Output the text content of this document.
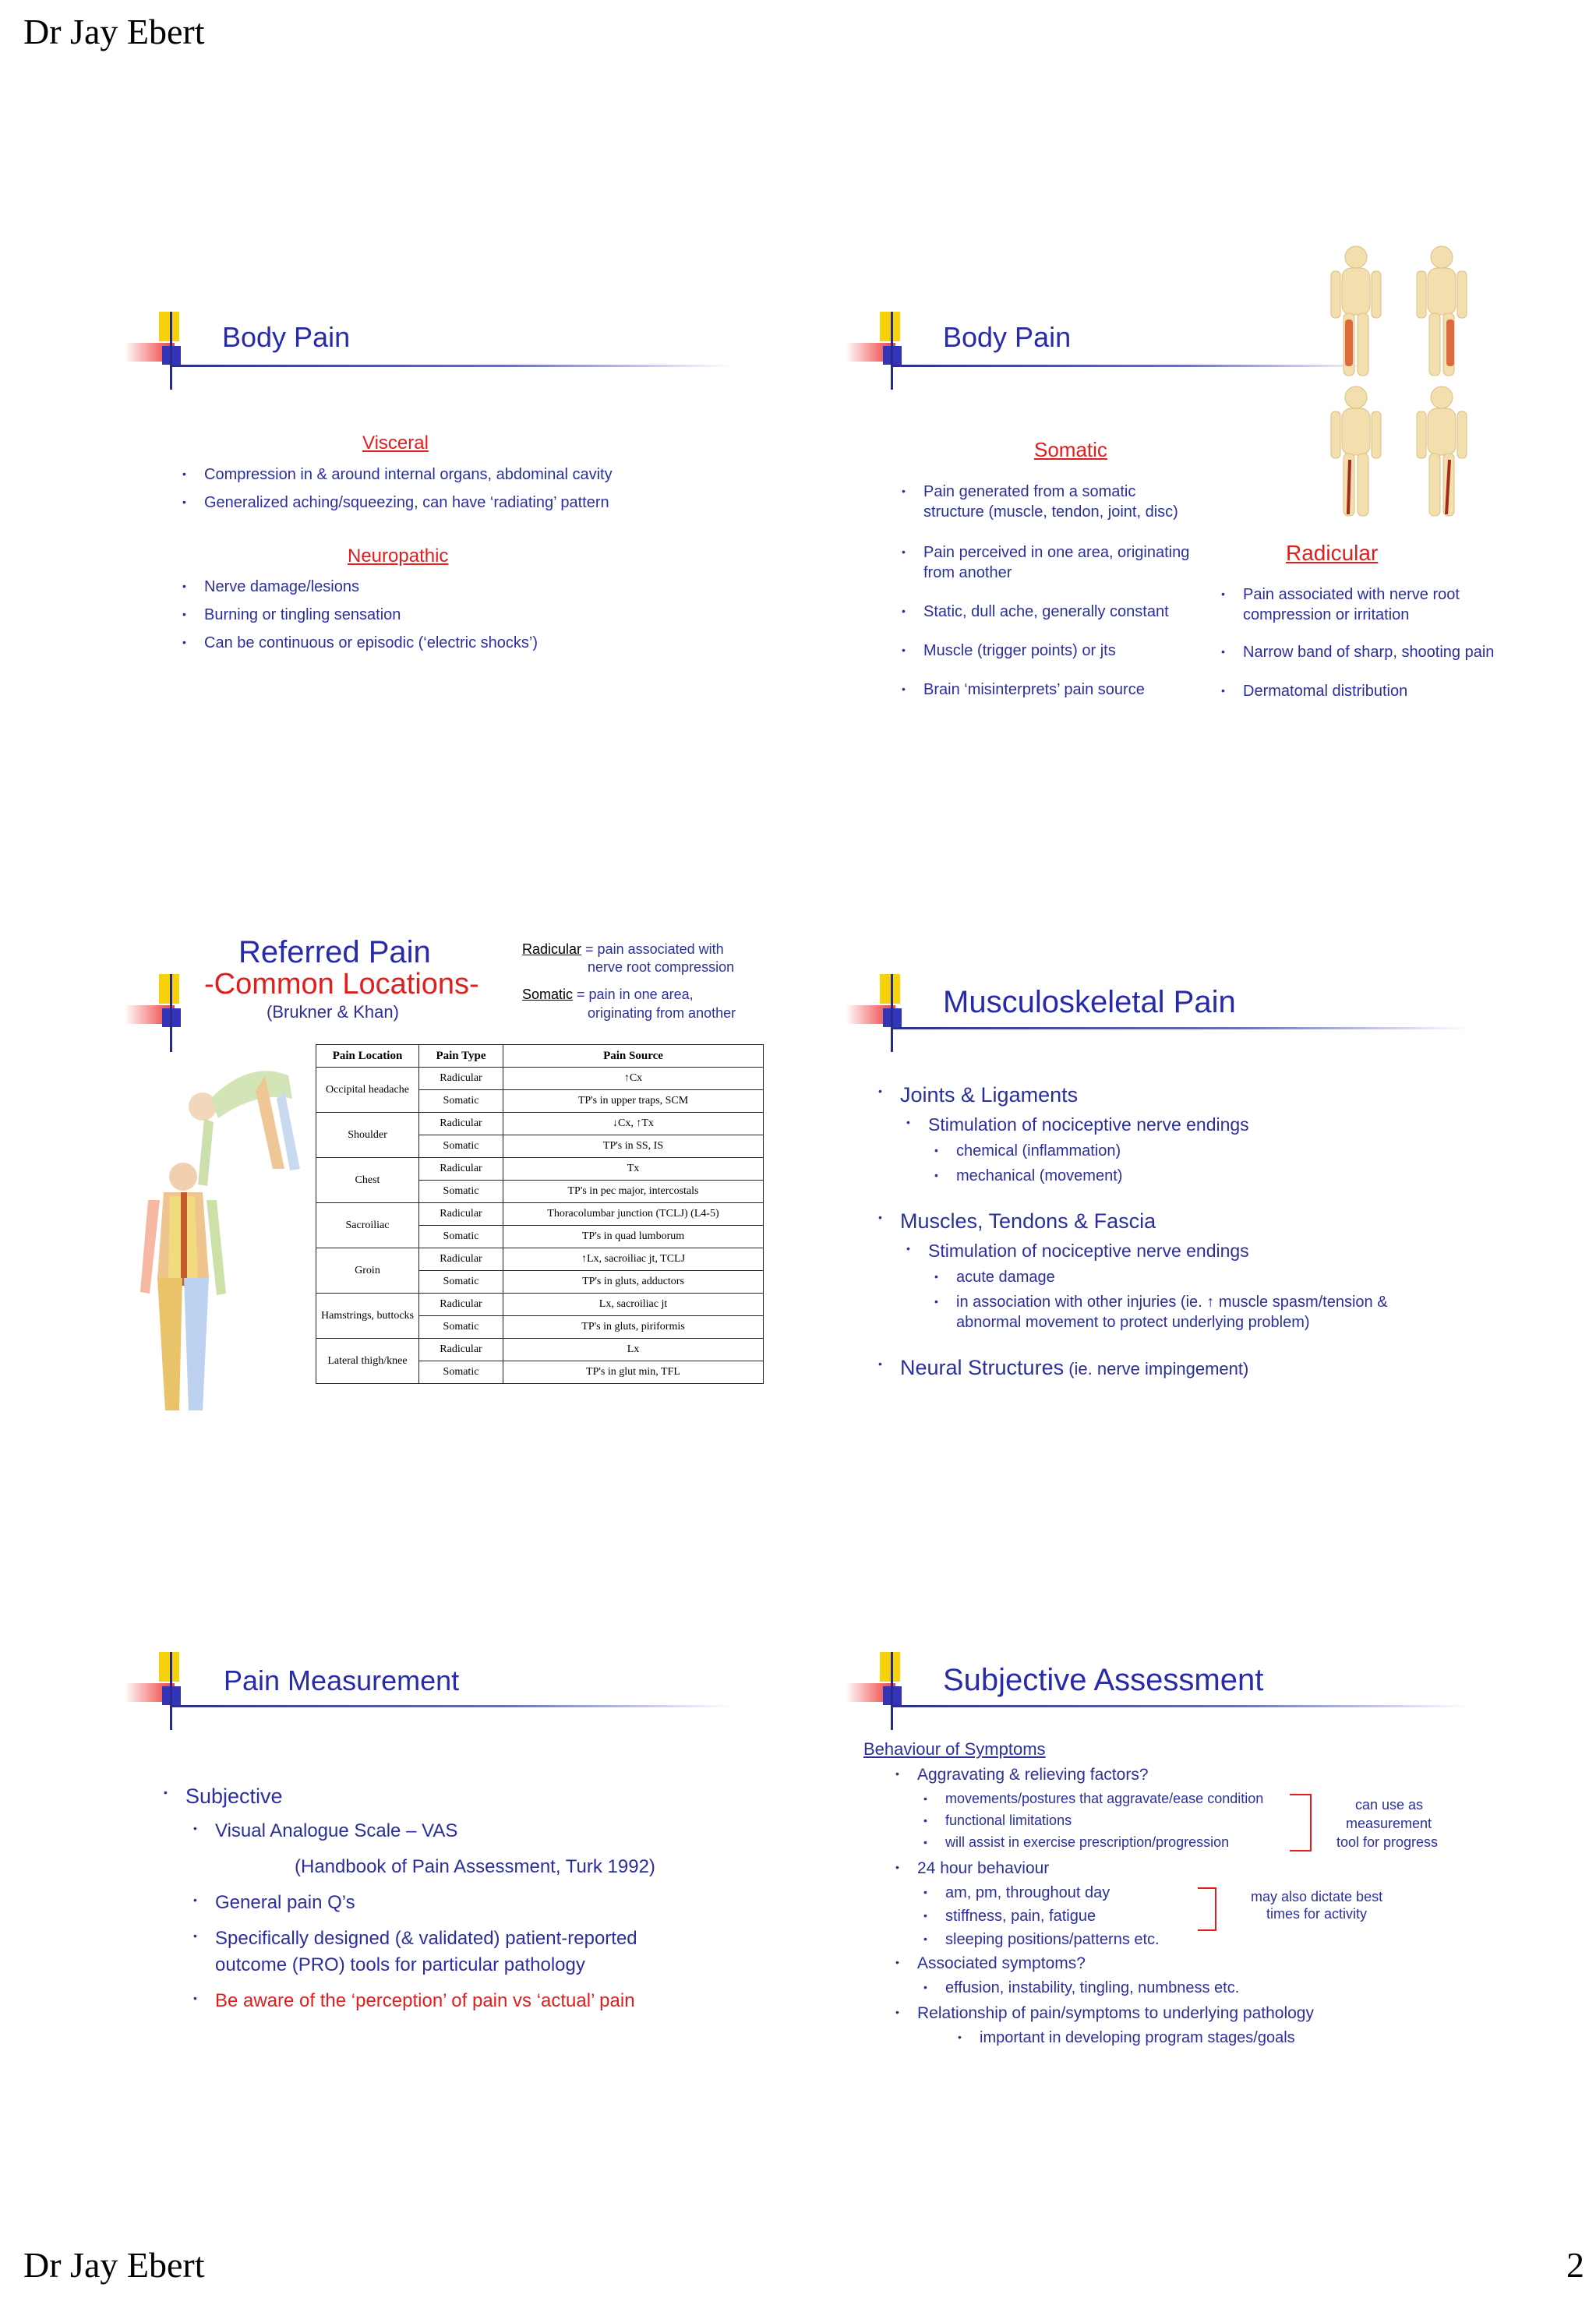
Dr Jay Ebert
Dr Jay Ebert	2
Body Pain
Visceral
• Compression in & around internal organs, abdominal cavity
• Generalized aching/squeezing, can have ‘radiating’ pattern
Neuropathic
• Nerve damage/lesions
• Burning or tingling sensation
• Can be continuous or episodic (‘electric shocks’)
Body Pain
Somatic
• Pain generated from a somatic
structure (muscle, tendon, joint, disc)
• Pain perceived in one area, originating
from another
• Static, dull ache, generally constant
• Muscle (trigger points) or jts
• Brain ‘misinterprets’ pain source
Radicular
• Pain associated with nerve root
compression or irritation
• Narrow band of sharp, shooting pain
• Dermatomal distribution
Referred Pain
-Common Locations-
(Brukner & Khan)
Radicular = pain associated with
nerve root compression
Somatic = pain in one area,
originating from another
Pain Location	Pain Type	Pain Source
Occipital headache	Radicular	↑Cx
	Somatic	TP's in upper traps, SCM
Shoulder	Radicular	↓Cx, ↑Tx
	Somatic	TP's in SS, IS
Chest	Radicular	Tx
	Somatic	TP's in pec major, intercostals
Sacroiliac	Radicular	Thoracolumbar junction (TCLJ) (L4-5)
	Somatic	TP's in quad lumborum
Groin	Radicular	↑Lx, sacroiliac jt, TCLJ
	Somatic	TP's in gluts, adductors
Hamstrings, buttocks	Radicular	Lx, sacroiliac jt
	Somatic	TP's in gluts, piriformis
Lateral thigh/knee	Radicular	Lx
	Somatic	TP's in glut min, TFL
Musculoskeletal Pain
• Joints & Ligaments
• Stimulation of nociceptive nerve endings
• chemical (inflammation)
• mechanical (movement)
• Muscles, Tendons & Fascia
• Stimulation of nociceptive nerve endings
• acute damage
• in association with other injuries (ie. ↑ muscle spasm/tension &
abnormal movement to protect underlying problem)
• Neural Structures (ie. nerve impingement)
Pain Measurement
• Subjective
• Visual Analogue Scale – VAS
(Handbook of Pain Assessment, Turk 1992)
• General pain Q’s
• Specifically designed (& validated) patient-reported
outcome (PRO) tools for particular pathology
• Be aware of the ‘perception’ of pain vs ‘actual’ pain
Subjective Assessment
Behaviour of Symptoms
• Aggravating & relieving factors?
• movements/postures that aggravate/ease condition
• functional limitations
• will assist in exercise prescription/progression
can use as
measurement
tool for progress
• 24 hour behaviour
• am, pm, throughout day
• stiffness, pain, fatigue
• sleeping positions/patterns etc.
may also dictate best
times for activity
• Associated symptoms?
• effusion, instability, tingling, numbness etc.
• Relationship of pain/symptoms to underlying pathology
• important in developing program stages/goals
